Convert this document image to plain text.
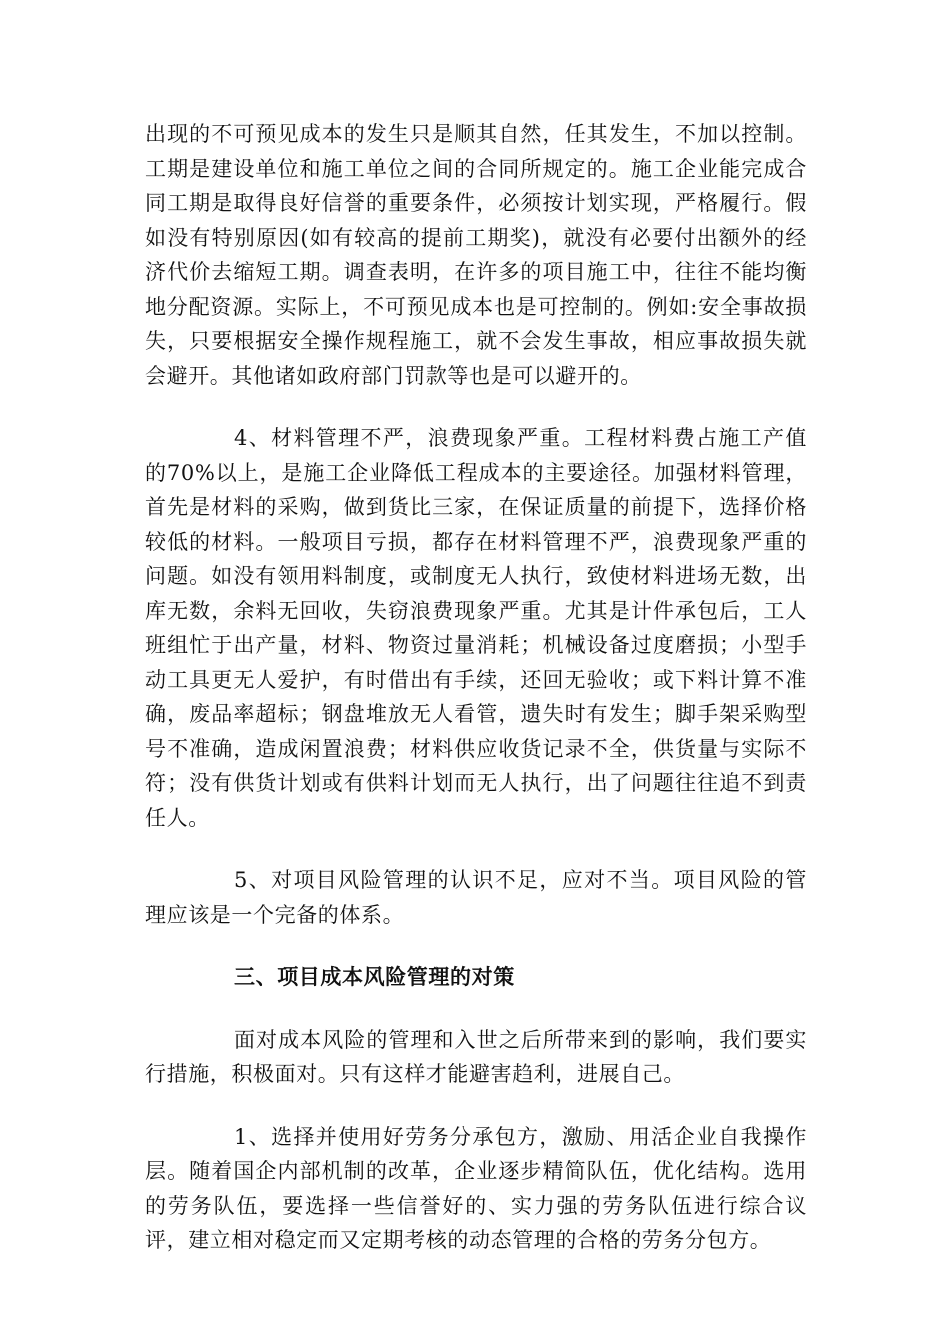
出现的不可预见成本的发生只是顺其自然，任其发生，不加以控制。工期是建设单位和施工单位之间的合同所规定的。施工企业能完成合同工期是取得良好信誉的重要条件，必须按计划实现，严格履行。假如没有特别原因(如有较高的提前工期奖)，就没有必要付出额外的经济代价去缩短工期。调查表明，在许多的项目施工中，往往不能均衡地分配资源。实际上，不可预见成本也是可控制的。例如:安全事故损失，只要根据安全操作规程施工，就不会发生事故，相应事故损失就会避开。其他诸如政府部门罚款等也是可以避开的。

4、材料管理不严，浪费现象严重。工程材料费占施工产值的70%以上，是施工企业降低工程成本的主要途径。加强材料管理，首先是材料的采购，做到货比三家，在保证质量的前提下，选择价格较低的材料。一般项目亏损，都存在材料管理不严，浪费现象严重的问题。如没有领用料制度，或制度无人执行，致使材料进场无数，出库无数，余料无回收，失窃浪费现象严重。尤其是计件承包后，工人班组忙于出产量，材料、物资过量消耗；机械设备过度磨损；小型手动工具更无人爱护，有时借出有手续，还回无验收；或下料计算不准确，废品率超标；钢盘堆放无人看管，遗失时有发生；脚手架采购型号不准确，造成闲置浪费；材料供应收货记录不全，供货量与实际不符；没有供货计划或有供料计划而无人执行，出了问题往往追不到责任人。

5、对项目风险管理的认识不足，应对不当。项目风险的管理应该是一个完备的体系。

三、项目成本风险管理的对策

面对成本风险的管理和入世之后所带来到的影响，我们要实行措施，积极面对。只有这样才能避害趋利，进展自己。

1、选择并使用好劳务分承包方，激励、用活企业自我操作层。随着国企内部机制的改革，企业逐步精简队伍，优化结构。选用的劳务队伍，要选择一些信誉好的、实力强的劳务队伍进行综合议评，建立相对稳定而又定期考核的动态管理的合格的劳务分包方。
